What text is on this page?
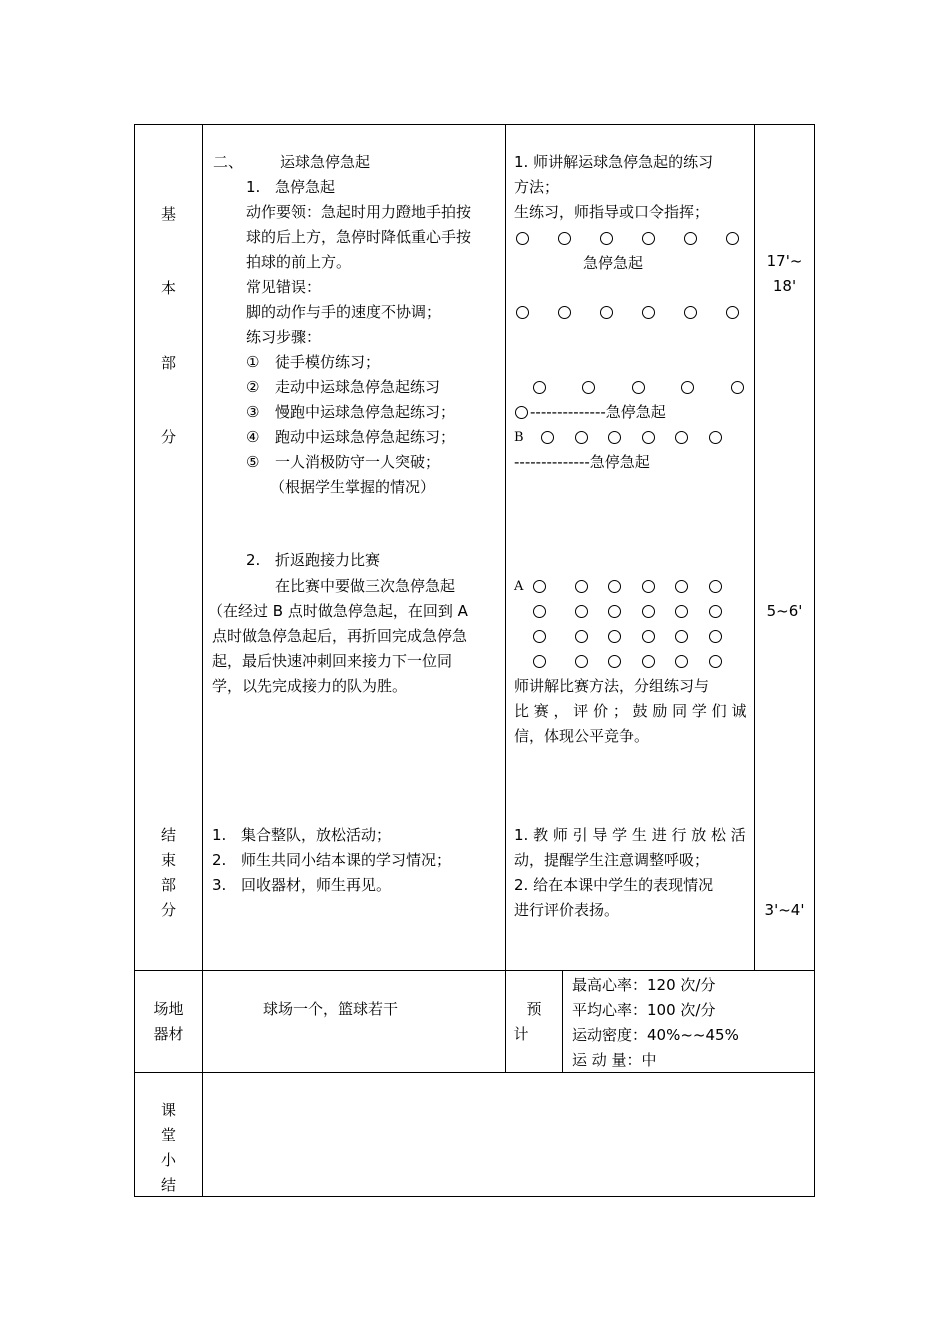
基
本
部
分
结
束
部
分
二、 运球急停急起
1. 急停急起
动作要领：急起时用力蹬地手拍按
球的后上方，急停时降低重心手按
拍球的前上方。
常见错误：
脚的动作与手的速度不协调；
练习步骤：
① 徒手模仿练习；
② 走动中运球急停急起练习
③ 慢跑中运球急停急起练习；
④ 跑动中运球急停急起练习；
⑤ 一人消极防守一人突破；
（根据学生掌握的情况）
2. 折返跑接力比赛
在比赛中要做三次急停急起
（在经过 B 点时做急停急起，在回到 A
点时做急停急起后，再折回完成急停急
起，最后快速冲刺回来接力下一位同
学，以先完成接力的队为胜。
1. 集合整队，放松活动；
2. 师生共同小结本课的学习情况；
3. 回收器材，师生再见。
1. 师讲解运球急停急起的练习
方法；
生练习，师指导或口令指挥；
急停急起
--------------急停急起
B
--------------急停急起
A
师讲解比赛方法，分组练习与
比 赛 ， 评 价 ； 鼓 励 同 学 们 诚
信，体现公平竞争。
1. 教 师 引 导 学 生 进 行 放 松 活
动，提醒学生注意调整呼吸；
2. 给在本课中学生的表现情况
进行评价表扬。
17'~
18'
5~6'
3'~4'
场地
器材
球场一个，篮球若干	预
计
最高心率：120 次/分
平均心率：100 次/分
运动密度：40%~~45%
运 动 量：中
课
堂
小
结
